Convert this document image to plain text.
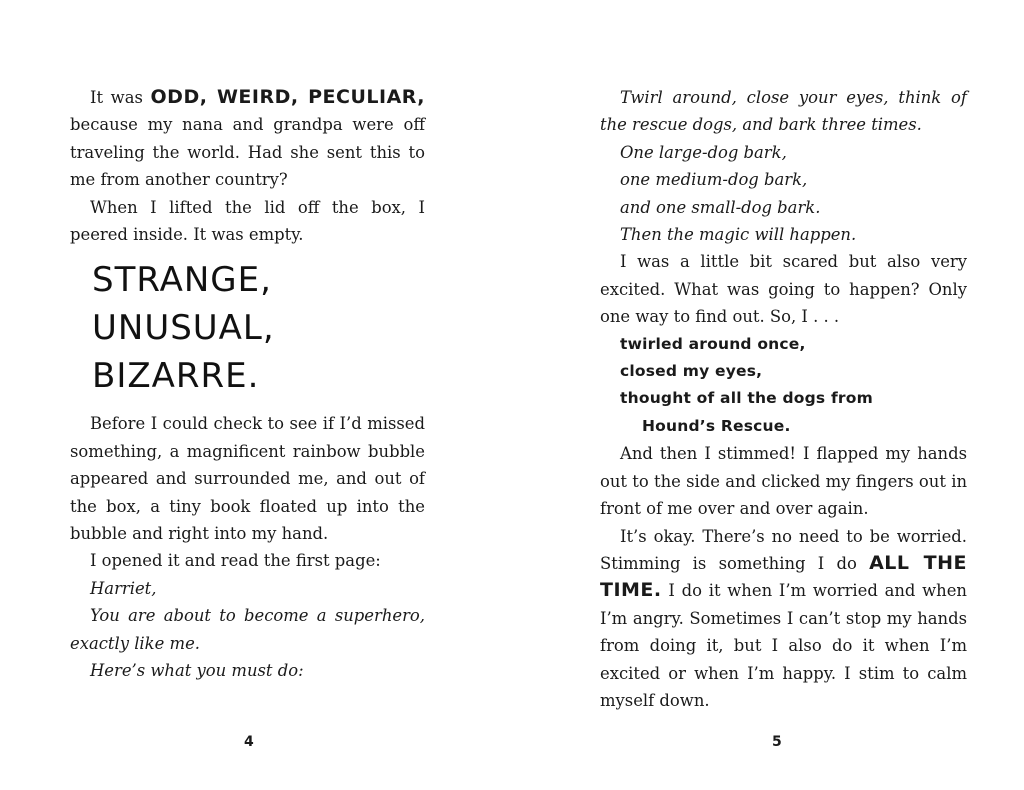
It was ODD, WEIRD, PECULIAR, because my nana and grandpa were off traveling the world. Had she sent this to me from another country?

When I lifted the lid off the box, I peered inside. It was empty.

STRANGE,
UNUSUAL,
BIZARRE.

Before I could check to see if I’d missed something, a magnificent rainbow bubble appeared and surrounded me, and out of the box, a tiny book floated up into the bubble and right into my hand.

I opened it and read the first page:

Harriet,

You are about to become a superhero, exactly like me.

Here’s what you must do:

4

Twirl around, close your eyes, think of the rescue dogs, and bark three times.

One large-dog bark,

one medium-dog bark,

and one small-dog bark.

Then the magic will happen.

I was a little bit scared but also very excited. What was going to happen? Only one way to find out. So, I . . .

twirled around once,
closed my eyes,
thought of all the dogs from
Hound’s Rescue.

And then I stimmed! I flapped my hands out to the side and clicked my fingers out in front of me over and over again.

It’s okay. There’s no need to be worried. Stimming is something I do ALL THE TIME. I do it when I’m worried and when I’m angry. Sometimes I can’t stop my hands from doing it, but I also do it when I’m excited or when I’m happy. I stim to calm myself down.

5
